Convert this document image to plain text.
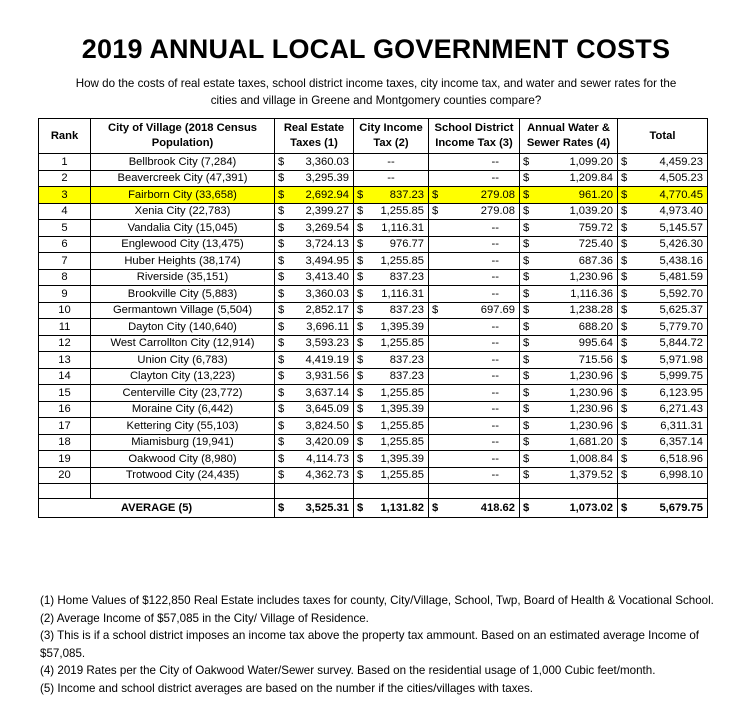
2019 ANNUAL LOCAL GOVERNMENT COSTS
How do the costs of real estate taxes, school district income taxes, city income tax, and water and sewer rates for the cities and village in Greene and Montgomery counties compare?
Rank	City of Village (2018 Census Population)	Real Estate Taxes (1)	City Income Tax (2)	School District Income Tax (3)	Annual Water & Sewer Rates (4)	Total
1	Bellbrook City (7,284)	$ 3,360.03	--	--	$ 1,099.20	$ 4,459.23

2	Beavercreek City (47,391)	$ 3,295.39	--	--	$ 1,209.84	$ 4,505.23

3	Fairborn City (33,658)	$ 2,692.94	$ 837.23	$ 279.08	$ 961.20	$ 4,770.45

4	Xenia City (22,783)	$ 2,399.27	$ 1,255.85	$ 279.08	$ 1,039.20	$ 4,973.40

5	Vandalia City (15,045)	$ 3,269.54	$ 1,116.31	--	$ 759.72	$ 5,145.57

6	Englewood City (13,475)	$ 3,724.13	$ 976.77	--	$ 725.40	$ 5,426.30

7	Huber Heights (38,174)	$ 3,494.95	$ 1,255.85	--	$ 687.36	$ 5,438.16

8	Riverside (35,151)	$ 3,413.40	$ 837.23	--	$ 1,230.96	$ 5,481.59

9	Brookville City (5,883)	$ 3,360.03	$ 1,116.31	--	$ 1,116.36	$ 5,592.70

10	Germantown Village (5,504)	$ 2,852.17	$ 837.23	$ 697.69	$ 1,238.28	$ 5,625.37

11	Dayton City (140,640)	$ 3,696.11	$ 1,395.39	--	$ 688.20	$ 5,779.70

12	West Carrollton City (12,914)	$ 3,593.23	$ 1,255.85	--	$ 995.64	$ 5,844.72

13	Union City (6,783)	$ 4,419.19	$ 837.23	--	$ 715.56	$ 5,971.98

14	Clayton City (13,223)	$ 3,931.56	$ 837.23	--	$ 1,230.96	$ 5,999.75

15	Centerville City (23,772)	$ 3,637.14	$ 1,255.85	--	$ 1,230.96	$ 6,123.95

16	Moraine City (6,442)	$ 3,645.09	$ 1,395.39	--	$ 1,230.96	$ 6,271.43

17	Kettering City (55,103)	$ 3,824.50	$ 1,255.85	--	$ 1,230.96	$ 6,311.31

18	Miamisburg (19,941)	$ 3,420.09	$ 1,255.85	--	$ 1,681.20	$ 6,357.14

19	Oakwood City (8,980)	$ 4,114.73	$ 1,395.39	--	$ 1,008.84	$ 6,518.96

20	Trotwood City (24,435)	$ 4,362.73	$ 1,255.85	--	$ 1,379.52	$ 6,998.10

AVERAGE (5)		$ 3,525.31	$ 1,131.82	$ 418.62	$ 1,073.02	$ 5,679.75

(1) Home Values of $122,850 Real Estate includes taxes for county, City/Village, School, Twp, Board of Health & Vocational School.

(2) Average Income of $57,085 in the City/ Village of Residence.

(3) This is if a school district imposes an income tax above the property tax ammount. Based on an estimated average Income of $57,085.

(4) 2019 Rates per the City of Oakwood Water/Sewer survey. Based on the residential usage of 1,000 Cubic feet/month.

(5) Income and school district averages are based on the number if the cities/villages with taxes.
